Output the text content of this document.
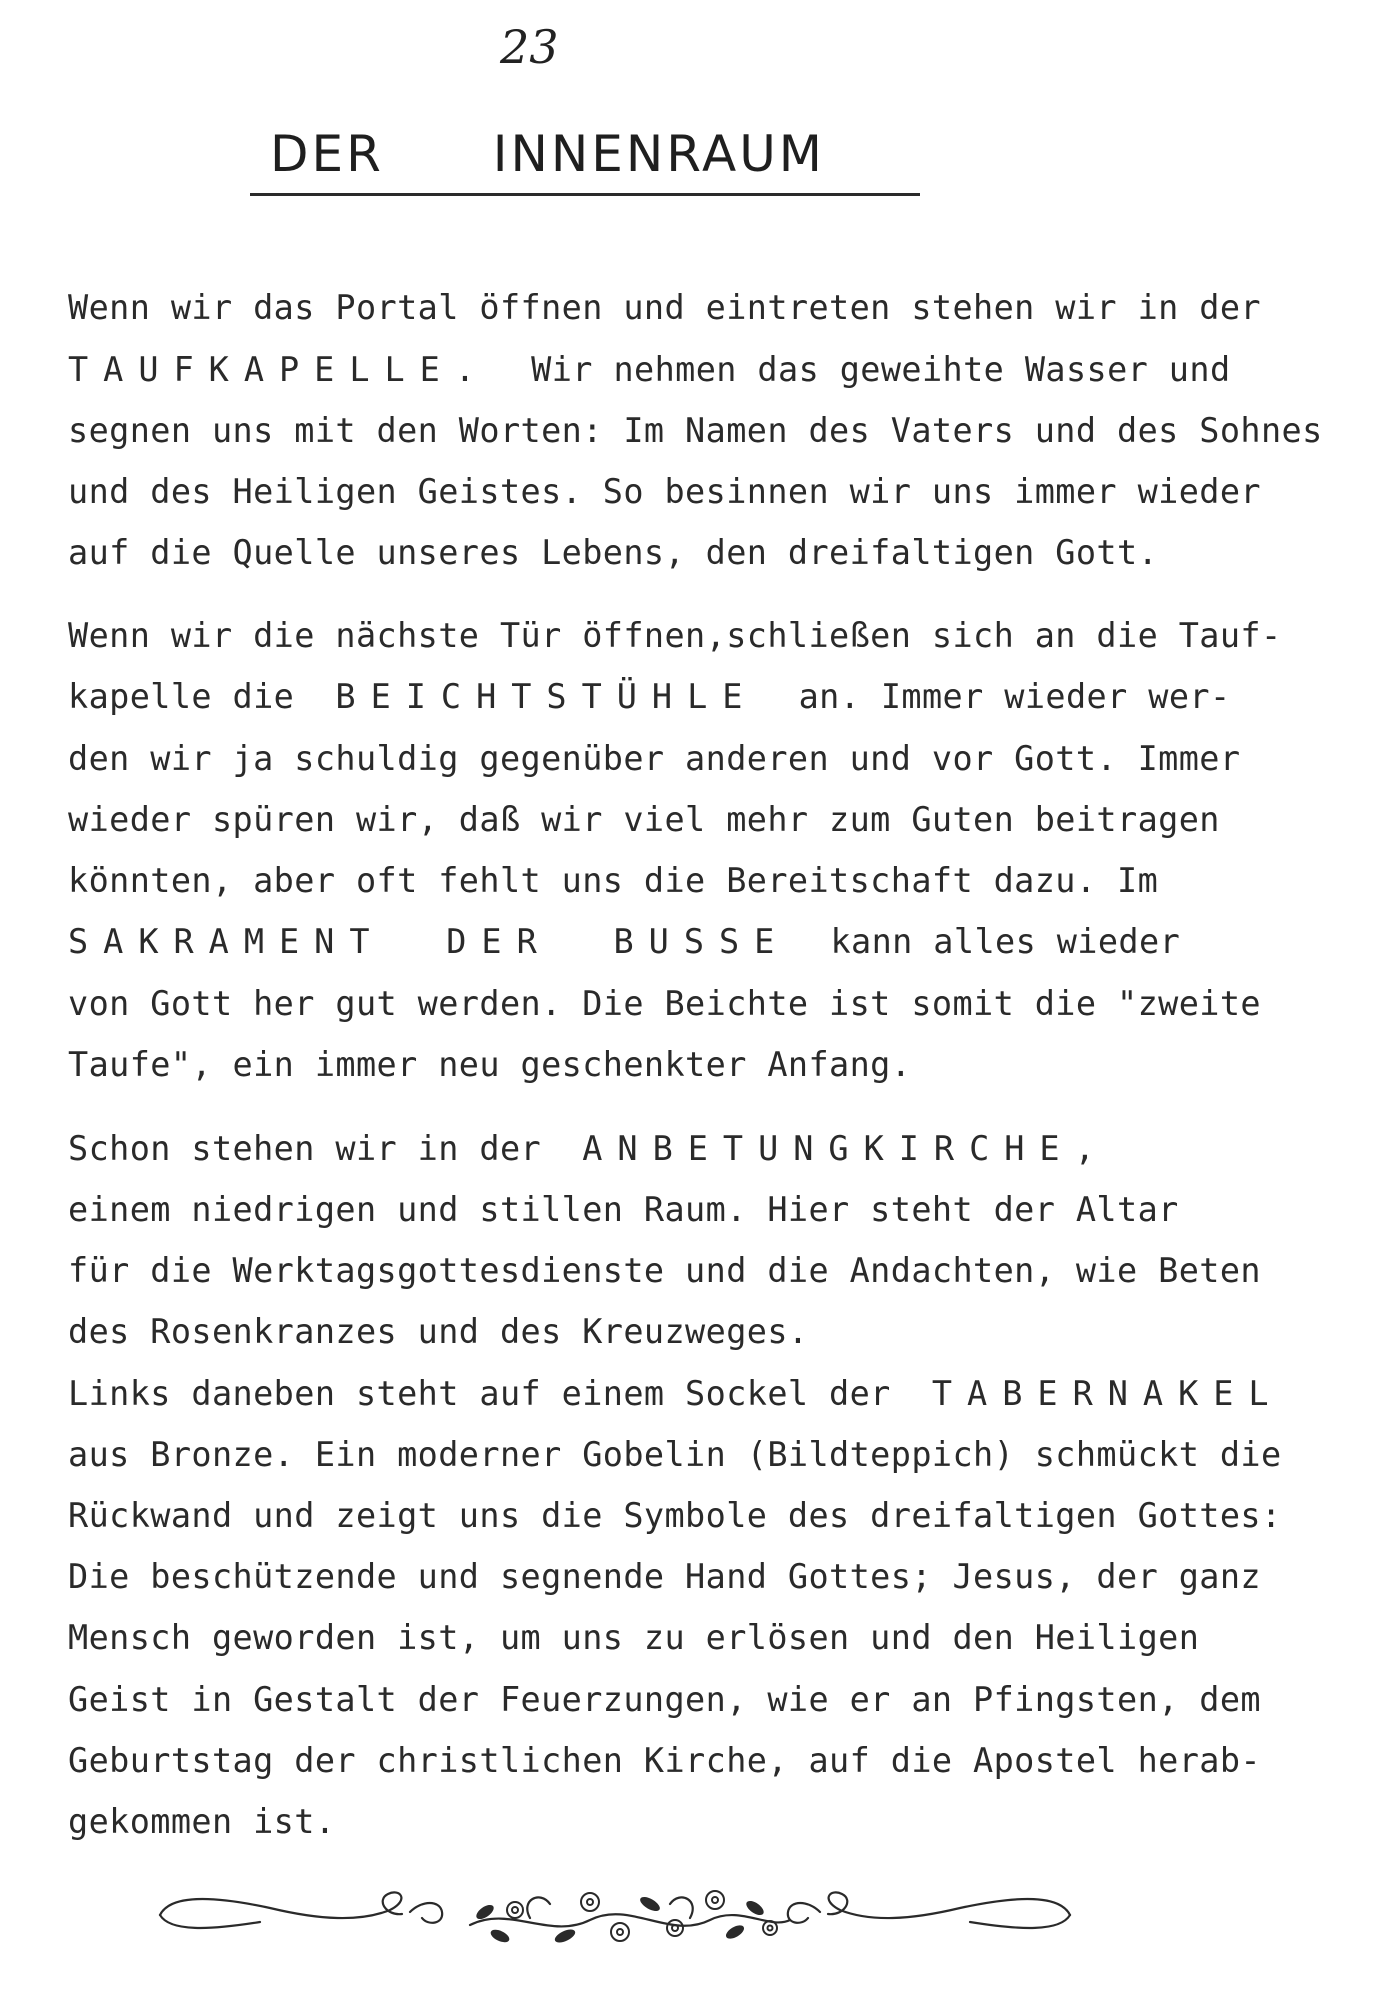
23
DER INNENRAUM
Wenn wir das Portal öffnen und eintreten stehen wir in der
TAUFKAPELLE. Wir nehmen das geweihte Wasser und
segnen uns mit den Worten: Im Namen des Vaters und des Sohnes
und des Heiligen Geistes. So besinnen wir uns immer wieder
auf die Quelle unseres Lebens, den dreifaltigen Gott.
Wenn wir die nächste Tür öffnen,schließen sich an die Tauf-
kapelle die BEICHTSTÜHLE an. Immer wieder wer-
den wir ja schuldig gegenüber anderen und vor Gott. Immer
wieder spüren wir, daß wir viel mehr zum Guten beitragen
könnten, aber oft fehlt uns die Bereitschaft dazu. Im
SAKRAMENT DER BUSSE kann alles wieder
von Gott her gut werden. Die Beichte ist somit die "zweite
Taufe", ein immer neu geschenkter Anfang.
Schon stehen wir in der ANBETUNGKIRCHE,
einem niedrigen und stillen Raum. Hier steht der Altar
für die Werktagsgottesdienste und die Andachten, wie Beten
des Rosenkranzes und des Kreuzweges.
Links daneben steht auf einem Sockel der TABERNAKEL
aus Bronze. Ein moderner Gobelin (Bildteppich) schmückt die
Rückwand und zeigt uns die Symbole des dreifaltigen Gottes:
Die beschützende und segnende Hand Gottes; Jesus, der ganz
Mensch geworden ist, um uns zu erlösen und den Heiligen
Geist in Gestalt der Feuerzungen, wie er an Pfingsten, dem
Geburtstag der christlichen Kirche, auf die Apostel herab-
gekommen ist.
